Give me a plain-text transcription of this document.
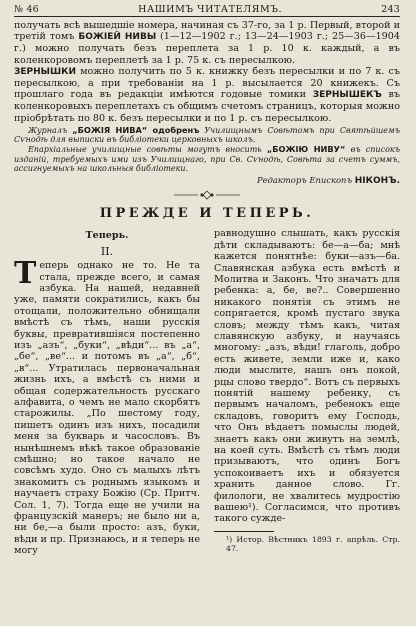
№ 46	НАШИМЪ ЧИТАТЕЛЯМЪ.	243

получать всѣ вышедшiе номера, начиная съ 37-го, за 1 р. Первый, второй и третiй томъ БОЖIЕЙ НИВЫ (1—12—1902 г.; 13—24—1903 г.; 25—36—1904 г.) можно получать безъ переплета за 1 р. 10 к. каждый, а въ коленкоровомъ переплетѣ за 1 р. 75 к. съ пересылкою.

ЗЕРНЫШКИ можно получить по 5 к. книжку безъ пересылки и по 7 к. съ пересылкою, а при требованiи на 1 р. высылается 20 книжекъ. Съ прошлаго года въ редакцiи имѣются годовые томики ЗЕРНЫШЕКЪ въ коленкоровыхъ переплетахъ съ общимъ счетомъ страницъ, которыя можно прiобрѣтать по 80 к. безъ пересылки и по 1 р. съ пересылкою.

Журналъ „БОЖIЯ НИВА“ одобренъ Училищнымъ Совѣтомъ при Святѣйшемъ Сѵнодѣ для выписки въ библiотеки церковныхъ школъ.

Епархiальные училищные совѣты могутъ вносить „БОЖIЮ НИВУ“ въ списокъ изданiй, требуемыхъ ими изъ Училищнаго, при Св. Сѵнодѣ, Совѣта за счетъ суммъ, ассигнуемыхъ на школьныя библiотеки.

Редакторъ Епископъ НIКОНЪ.
ПРЕЖДЕ И ТЕПЕРЬ.
Теперь.
II.

Теперь однако не то. Не та стала, прежде всего, и самая азбука. На нашей, недавней уже, памяти сократились, какъ бы отощали, положительно обнищали вмѣстѣ съ тѣмъ, наши русскiя буквы, превратившiяся постепенно изъ „азъ“, „буки“, „вѣди“... въ „а“, „бе“, „ве“... и потомъ въ „а“, „б“, „в“... Утратилась первоначальная жизнь ихъ, а вмѣстѣ съ ними и общая содержательность русскаго алфавита, о чемъ не мало скорбятъ старожилы. „По шестому году, пишетъ одинъ изъ нихъ, посадили меня за букварь и часословъ. Въ нынѣшнемъ вѣкѣ такое образованiе смѣшно; но такое начало не совсѣмъ худо. Оно съ малыхъ лѣтъ знакомитъ съ роднымъ языкомъ и научаетъ страху Божiю (Ср. Притч. Сол. 1, 7). Тогда еще не учили на французскiй манеръ; не было ни а, ни бе,—а были просто: азъ, буки, вѣди и пр. Признаюсь, и я теперь не могу

равнодушно слышать, какъ русскiя дѣти складываютъ: бе—а—ба; мнѣ кажется понятнѣе: буки—азъ—ба. Славянская азбука есть вмѣстѣ и Молитва и Законъ. Что значатъ для ребенка: а, бе, ве?.. Совершенно никакого понятiя съ этимъ не сопрягается, кромѣ пустаго звука словъ; между тѣмъ какъ, читая славянскую азбуку, и научаясь многому: „азъ, вѣди! глаголь, добро есть живете, земли иже и, како люди мыслите, нашъ онъ покой, рцы слово твердо“. Вотъ съ первыхъ понятiй нашему ребенку, съ первымъ началомъ, ребенокъ еще складовъ, говоритъ ему Господь, что Онъ вѣдаетъ помыслы людей, знаетъ какъ они живутъ на землѣ, на коей суть. Вмѣстѣ съ тѣмъ люди призываютъ, что одинъ Богъ успокоиваетъ ихъ и обязуется хранить данное слово. Гг. филологи, не хвалитесь мудростiю вашею¹). Согласимся, что противъ такого сужде-

¹) Истор. Вѣстникъ 1893 г. апрѣль. Стр. 47.
